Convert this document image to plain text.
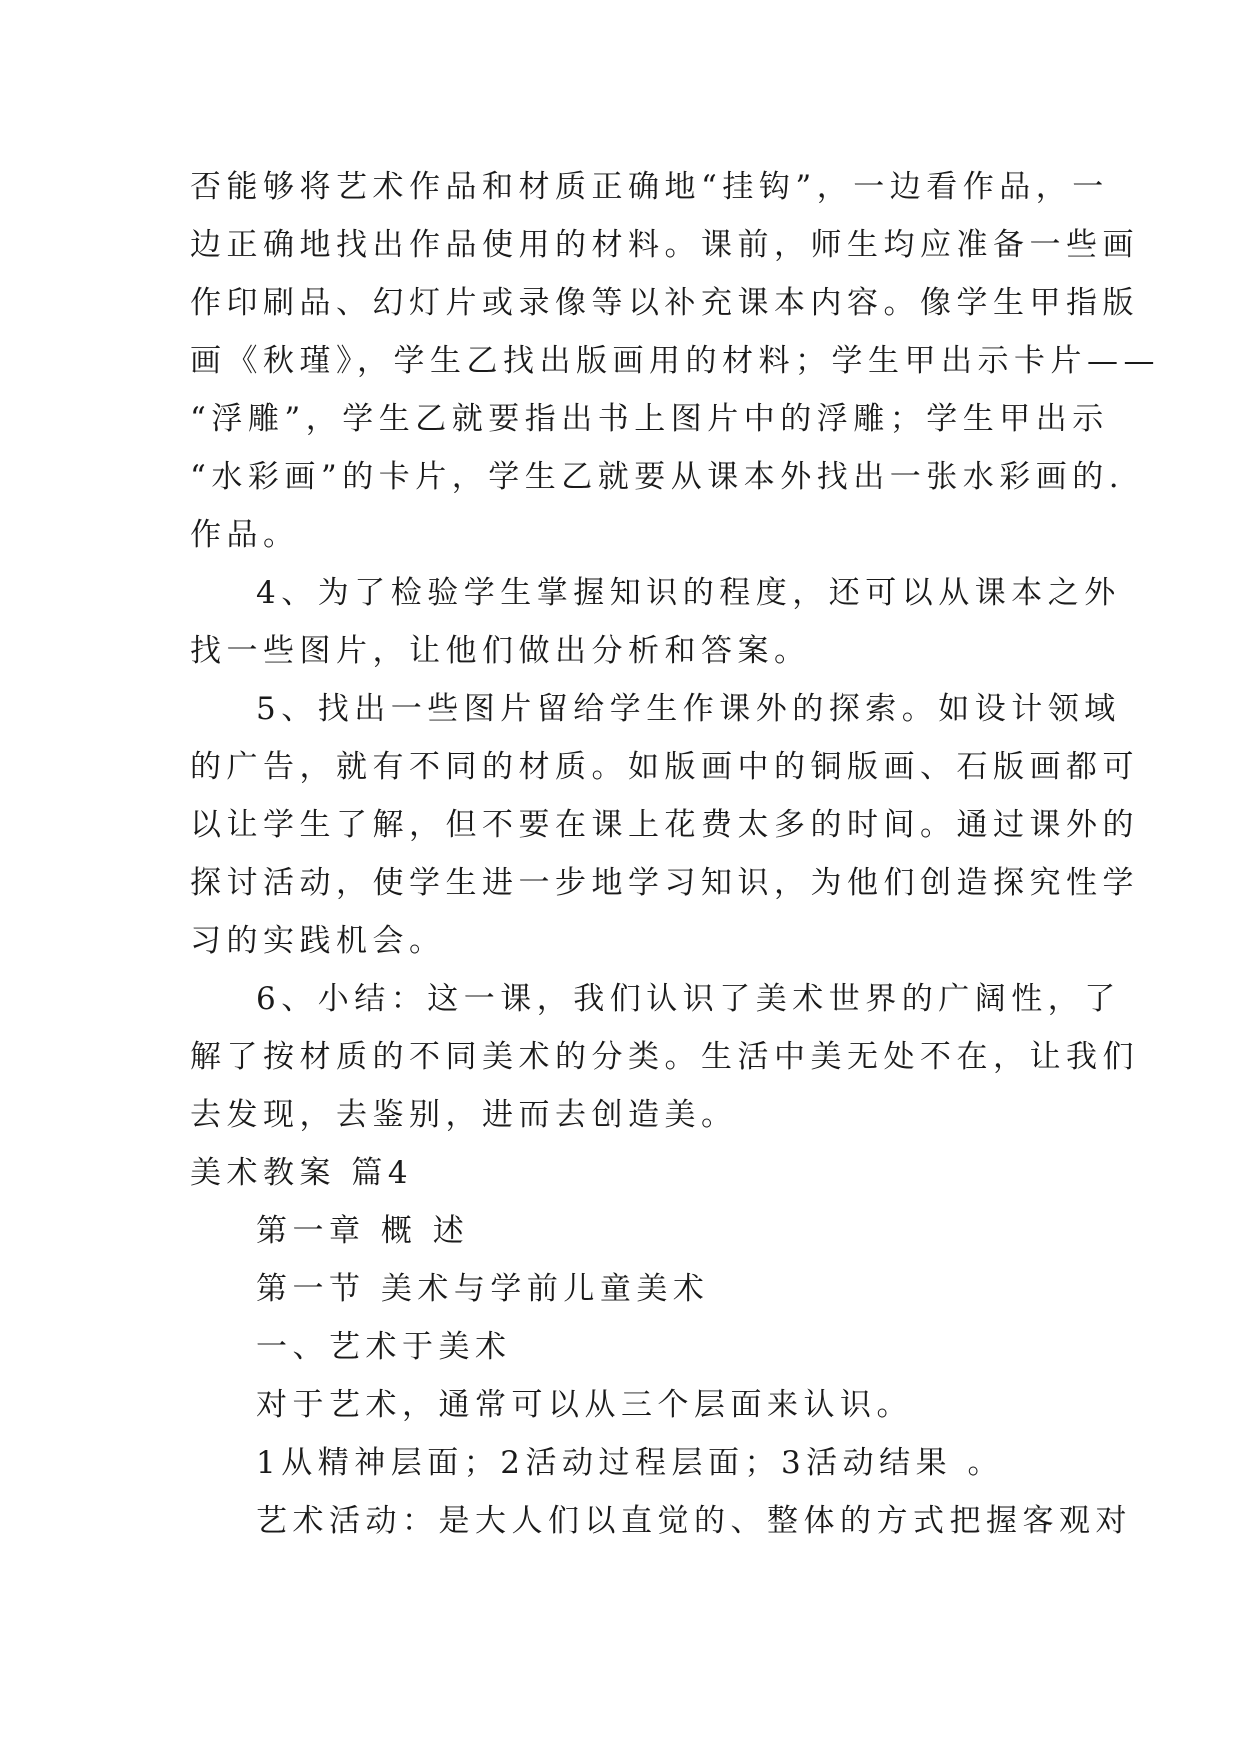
否能够将艺术作品和材质正确地“挂钩”，一边看作品，一
边正确地找出作品使用的材料。课前，师生均应准备一些画
作印刷品、幻灯片或录像等以补充课本内容。像学生甲指版
画《秋瑾》，学生乙找出版画用的材料；学生甲出示卡片——
“浮雕”，学生乙就要指出书上图片中的浮雕；学生甲出示
“水彩画”的卡片，学生乙就要从课本外找出一张水彩画的.
作品。
4、为了检验学生掌握知识的程度，还可以从课本之外
找一些图片，让他们做出分析和答案。
5、找出一些图片留给学生作课外的探索。如设计领域
的广告，就有不同的材质。如版画中的铜版画、石版画都可
以让学生了解，但不要在课上花费太多的时间。通过课外的
探讨活动，使学生进一步地学习知识，为他们创造探究性学
习的实践机会。
6、小结：这一课，我们认识了美术世界的广阔性，了
解了按材质的不同美术的分类。生活中美无处不在，让我们
去发现，去鉴别，进而去创造美。

美术教案 篇4

第一章 概 述

第一节 美术与学前儿童美术

一、艺术于美术

对于艺术，通常可以从三个层面来认识。

1从精神层面；2活动过程层面；3活动结果 。

艺术活动：是大人们以直觉的、整体的方式把握客观对
